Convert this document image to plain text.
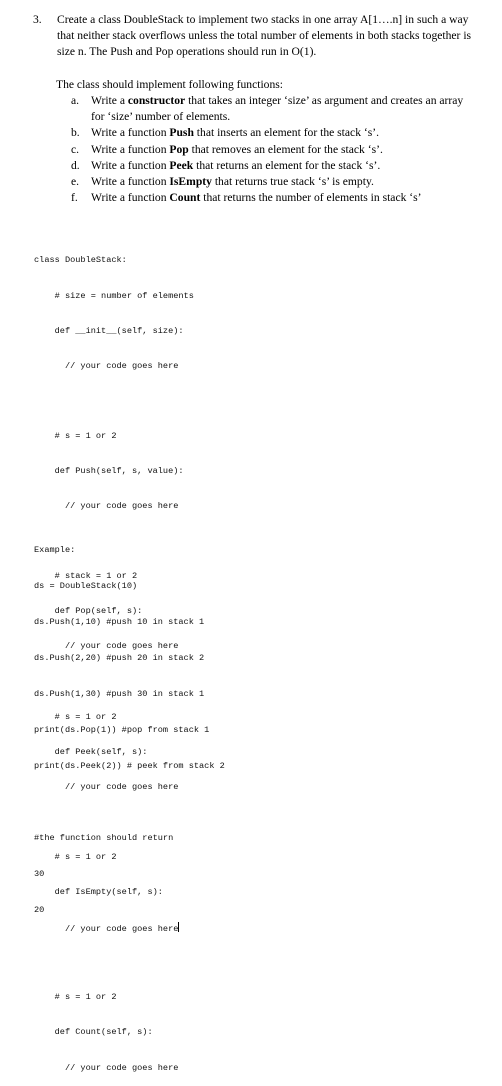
3.	Create a class DoubleStack to implement two stacks in one array A[1….n] in such a way
that neither stack overflows unless the total number of elements in both stacks together is
size n. The Push and Pop operations should run in O(1).
The class should implement following functions:
a.	Write a constructor that takes an integer ‘size’ as argument and creates an array
for ‘size’ number of elements.
b. Write a function Push that inserts an element for the stack ‘s’.
c.	Write a function Pop that removes an element for the stack ‘s’.
d. Write a function Peek that returns an element for the stack ‘s’.
e.	Write a function IsEmpty that returns true stack ‘s’ is empty.
f.	Write a function Count that returns the number of elements in stack ‘s’

class DoubleStack:

# size = number of elements

def __init__(self, size):

// your code goes here

# s = 1 or 2

def Push(self, s, value):

// your code goes here

# stack = 1 or 2

def Pop(self, s):

// your code goes here

# s = 1 or 2

def Peek(self, s):

// your code goes here

# s = 1 or 2

def IsEmpty(self, s):

// your code goes here

# s = 1 or 2

def Count(self, s):

// your code goes here

Example:

ds = DoubleStack(10)

ds.Push(1,10) #push 10 in stack 1

ds.Push(2,20) #push 20 in stack 2

ds.Push(1,30) #push 30 in stack 1

print(ds.Pop(1)) #pop from stack 1

print(ds.Peek(2)) # peek from stack 2

#the function should return

30

20
